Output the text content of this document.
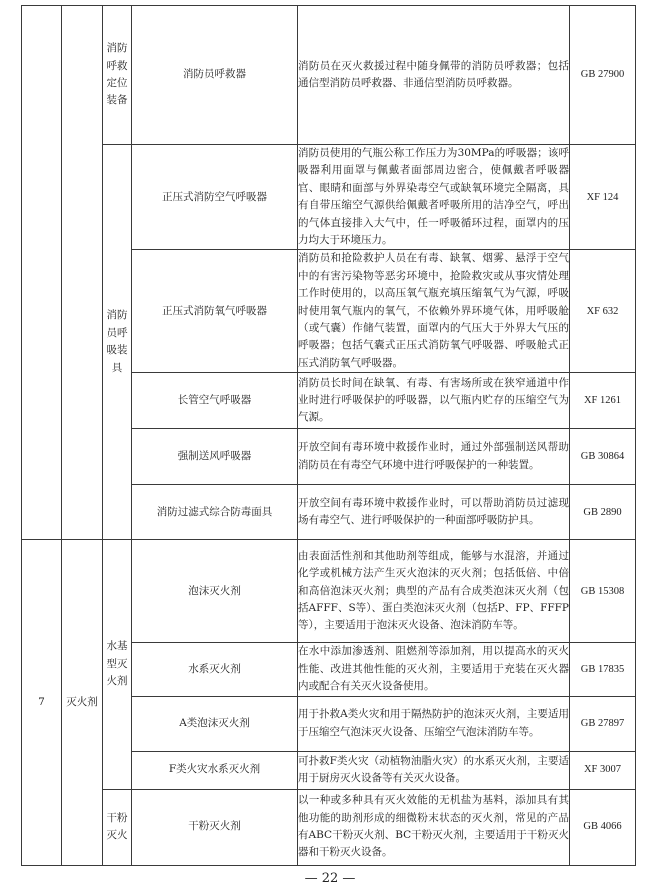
		消防呼救定位装备	消防员呼救器	消防员在灭火救援过程中随身佩带的消防员呼救器；包括通信型消防员呼救器、非通信型消防员呼救器。	GB 27900
		消防员呼吸装具	正压式消防空气呼吸器	消防员使用的气瓶公称工作压力为30MPa的呼吸器；该呼吸器利用面罩与佩戴者面部周边密合，使佩戴者呼吸器官、眼睛和面部与外界染毒空气或缺氧环境完全隔离，具有自带压缩空气源供给佩戴者呼吸所用的洁净空气，呼出的气体直接排入大气中，任一呼吸循环过程，面罩内的压力均大于环境压力。	XF 124
			正压式消防氧气呼吸器	消防员和抢险救护人员在有毒、缺氧、烟雾、悬浮于空气中的有害污染物等恶劣环境中，抢险救灾或从事灾情处理工作时使用的，以高压氧气瓶充填压缩氧气为气源，呼吸时使用氧气瓶内的氧气，不依赖外界环境气体，用呼吸舱（或气囊）作储气装置，面罩内的气压大于外界大气压的呼吸器；包括气囊式正压式消防氧气呼吸器、呼吸舱式正压式消防氧气呼吸器。	XF 632
			长管空气呼吸器	消防员长时间在缺氧、有毒、有害场所或在狭窄通道中作业时进行呼吸保护的呼吸器，以气瓶内贮存的压缩空气为气源。	XF 1261
			强制送风呼吸器	开放空间有毒环境中救援作业时，通过外部强制送风帮助消防员在有毒空气环境中进行呼吸保护的一种装置。	GB 30864
			消防过滤式综合防毒面具	开放空间有毒环境中救援作业时，可以帮助消防员过滤现场有毒空气、进行呼吸保护的一种面部呼吸防护具。	GB 2890
7	灭火剂	水基型灭火剂	泡沫灭火剂	由表面活性剂和其他助剂等组成，能够与水混溶，并通过化学或机械方法产生灭火泡沫的灭火剂；包括低倍、中倍和高倍泡沫灭火剂；典型的产品有合成类泡沫灭火剂（包括AFFF、S等）、蛋白类泡沫灭火剂（包括P、FP、FFFP等），主要适用于泡沫灭火设备、泡沫消防车等。	GB 15308
			水系灭火剂	在水中添加渗透剂、阻燃剂等添加剂，用以提高水的灭火性能、改进其他性能的灭火剂，主要适用于充装在灭火器内或配合有关灭火设备使用。	GB 17835
			A类泡沫灭火剂	用于扑救A类火灾和用于隔热防护的泡沫灭火剂，主要适用于压缩空气泡沫灭火设备、压缩空气泡沫消防车等。	GB 27897
			F类火灾水系灭火剂	可扑救F类火灾（动植物油脂火灾）的水系灭火剂，主要适用于厨房灭火设备等有关灭火设备。	XF 3007
		干粉灭火	干粉灭火剂	以一种或多种具有灭火效能的无机盐为基料，添加具有其他功能的助剂形成的细微粉末状态的灭火剂，常见的产品有ABC干粉灭火剂、BC干粉灭火剂，主要适用于干粉灭火器和干粉灭火设备。	GB 4066
— 22 —
